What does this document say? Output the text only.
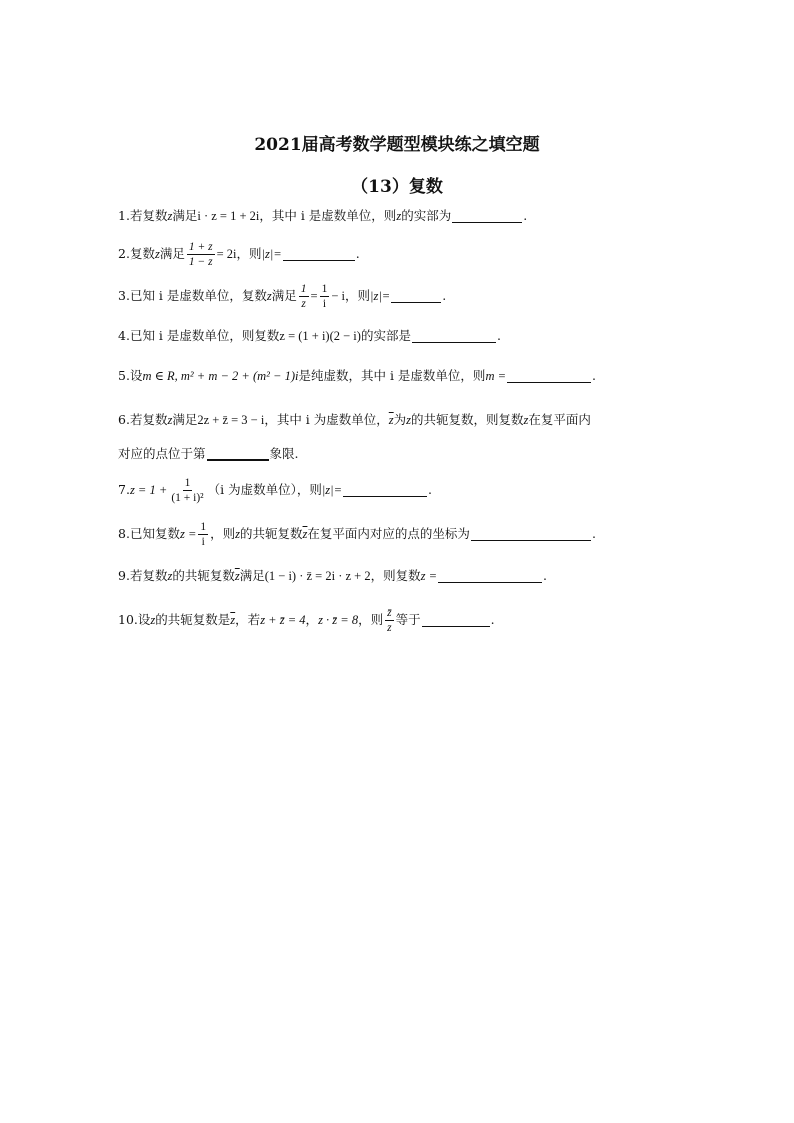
2021届高考数学题型模块练之填空题
（13）复数
1.若复数z满足i · z = 1 + 2i，其中 i 是虚数单位，则z的实部为	.
2.复数z满足 $\frac{1 + z}{1 - z} = 2i$，则|z|=	.
3.已知 i 是虚数单位，复数z满足 $\frac{1}{z} = \frac{1}{i} - i$，则|z|=	.
4.已知 i 是虚数单位，则复数z = (1 + i)(2 − i)的实部是	.
5.设m ∈ R, m² + m − 2 + (m² − 1)i是纯虚数，其中 i 是虚数单位，则m =	.
6.若复数z满足2z + z̄ = 3 − i，其中 i 为虚数单位，$\overline{z}$为z的共轭复数，则复数z在复平面内
对应的点位于第	象限.
$7.z = 1 + \frac{1}{\text{(1 + i)²}} (i$ 为虚数单位），则|z|=	.
8.已知复数$z = \frac{1}{i}$ ，则z的共轭复数$\overline{z}$在复平面内对应的点的坐标为	.
9.若复数z的共轭复数$\overline{z}$满足(1 − i) · z̄ = 2i · z + 2，则复数z =	.
10.设z的共轭复数是$\overline{z}$，若z + z̄ = 4，z · z̄ = 8，则 $\frac{z̄}{z}$ 等于	.
